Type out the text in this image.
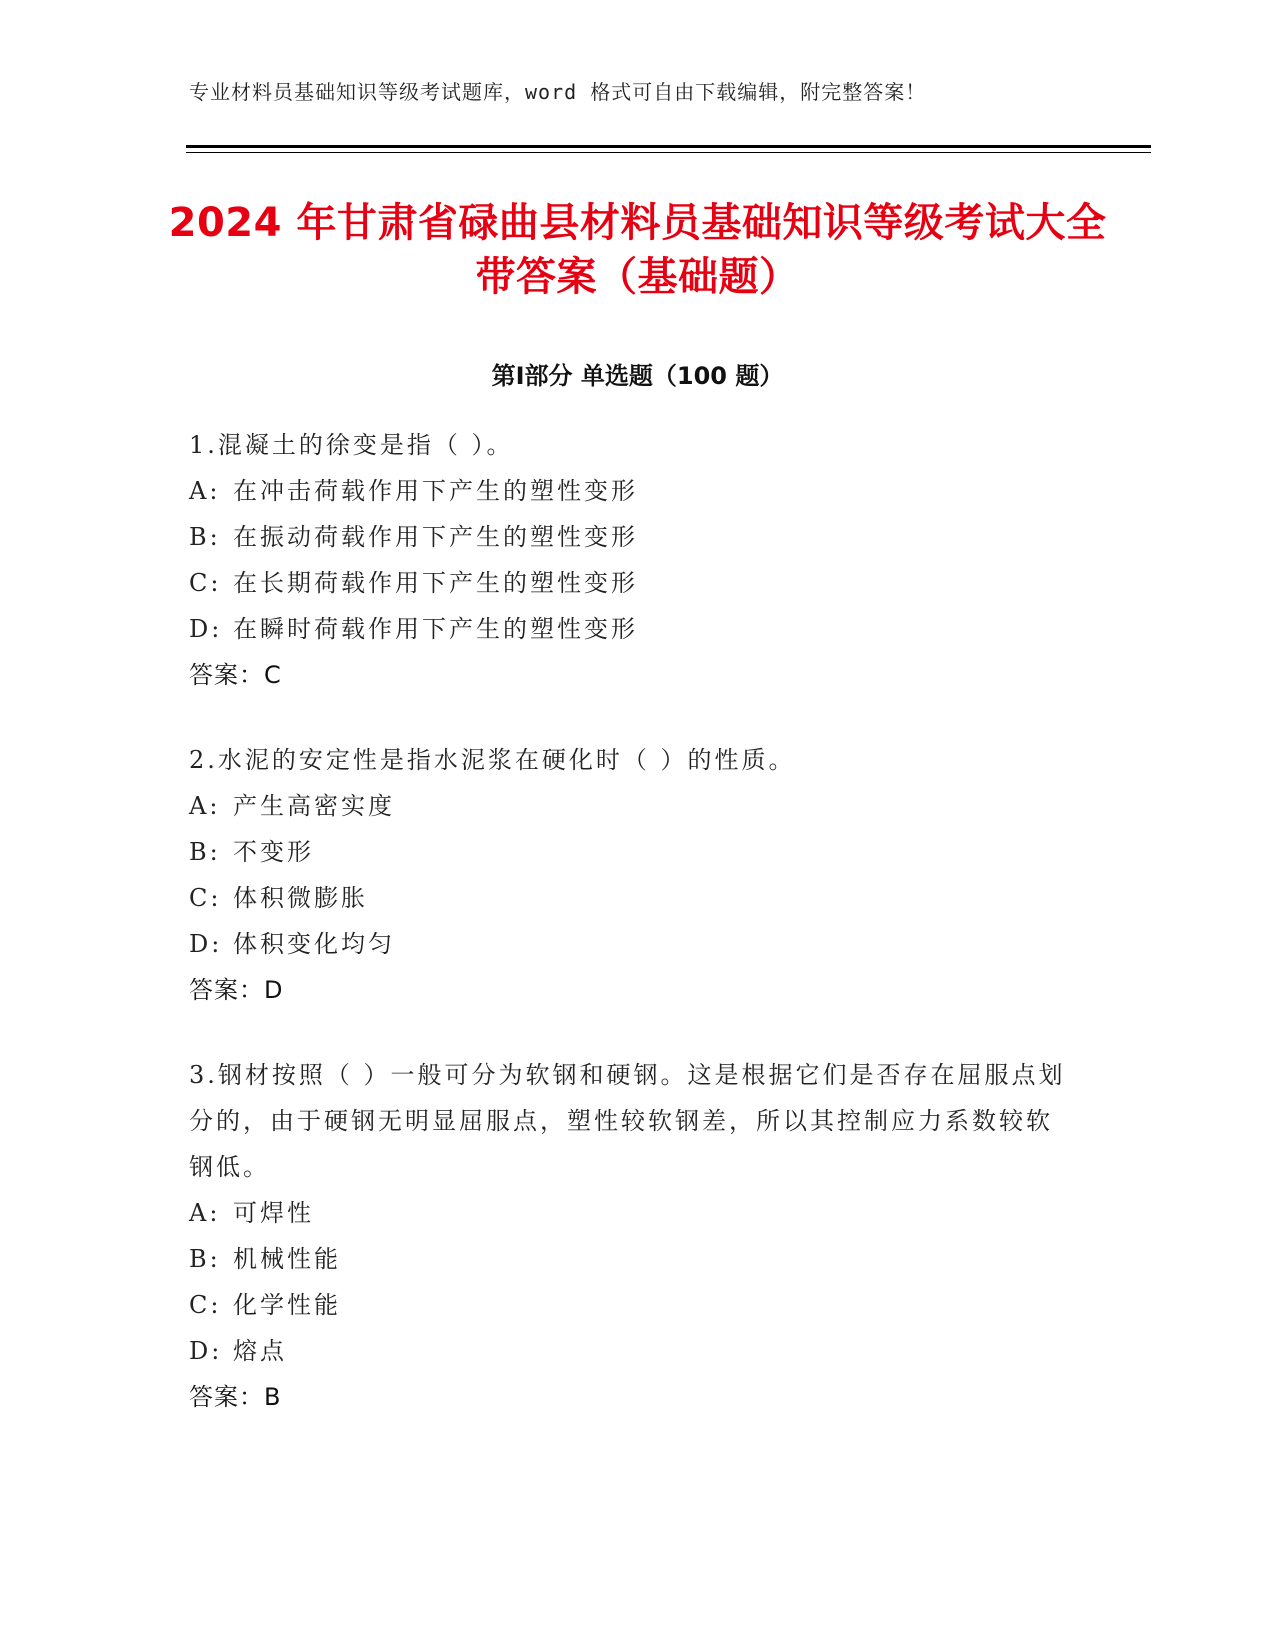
专业材料员基础知识等级考试题库，word 格式可自由下载编辑，附完整答案！
2024 年甘肃省碌曲县材料员基础知识等级考试大全带答案（基础题）
第Ⅰ部分 单选题（100 题）
1.混凝土的徐变是指（ ）。
A: 在冲击荷载作用下产生的塑性变形
B: 在振动荷载作用下产生的塑性变形
C: 在长期荷载作用下产生的塑性变形
D: 在瞬时荷载作用下产生的塑性变形
答案：C
2.水泥的安定性是指水泥浆在硬化时（ ）的性质。
A: 产生高密实度
B: 不变形
C: 体积微膨胀
D: 体积变化均匀
答案：D
3.钢材按照（ ）一般可分为软钢和硬钢。这是根据它们是否存在屈服点划分的，由于硬钢无明显屈服点，塑性较软钢差，所以其控制应力系数较软钢低。
A: 可焊性
B: 机械性能
C: 化学性能
D: 熔点
答案：B
